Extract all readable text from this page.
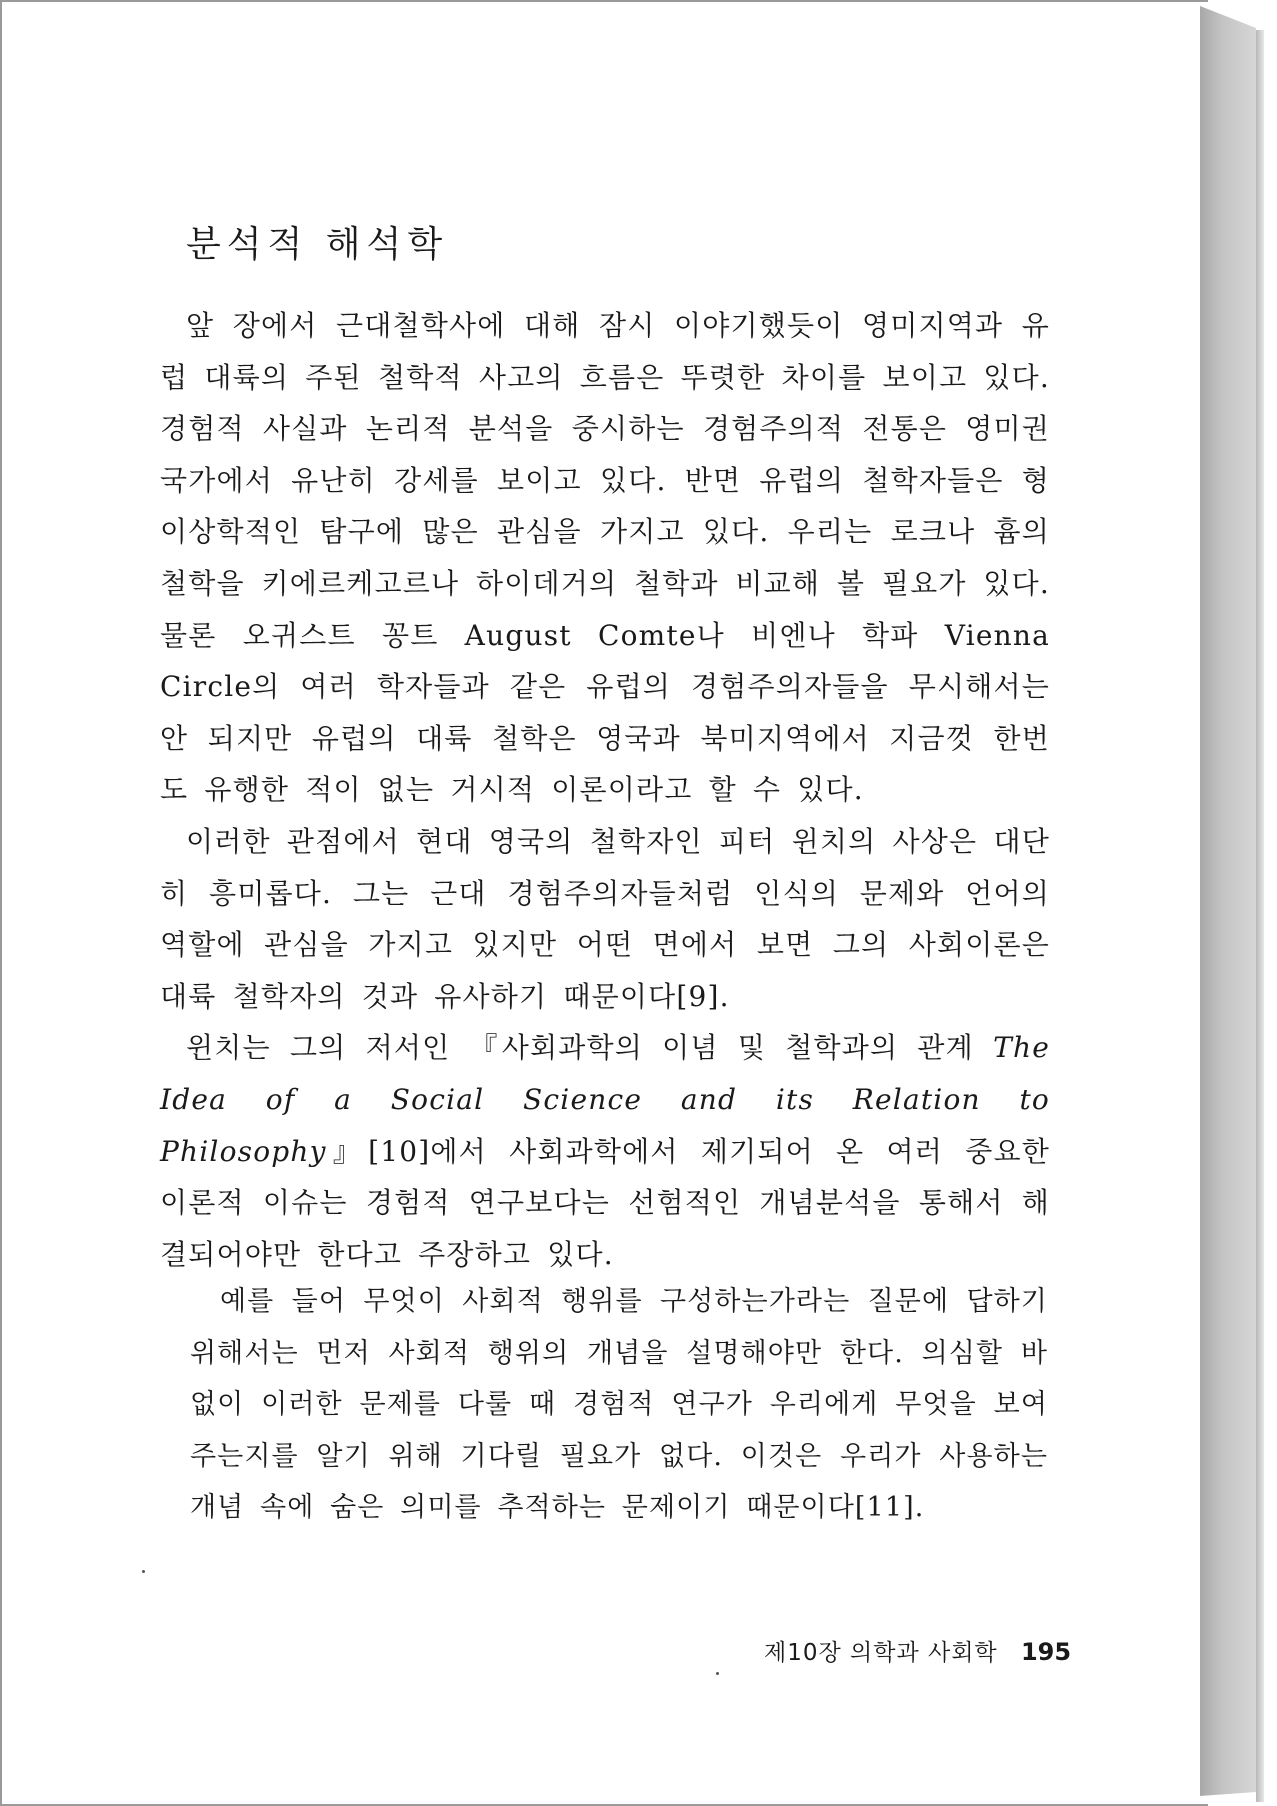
분석적 해석학

앞 장에서 근대철학사에 대해 잠시 이야기했듯이 영미지역과 유럽 대륙의 주된 철학적 사고의 흐름은 뚜렷한 차이를 보이고 있다. 경험적 사실과 논리적 분석을 중시하는 경험주의적 전통은 영미권 국가에서 유난히 강세를 보이고 있다. 반면 유럽의 철학자들은 형이상학적인 탐구에 많은 관심을 가지고 있다. 우리는 로크나 흄의 철학을 키에르케고르나 하이데거의 철학과 비교해 볼 필요가 있다. 물론 오귀스트 꽁트 August Comte나 비엔나 학파 Vienna Circle의 여러 학자들과 같은 유럽의 경험주의자들을 무시해서는 안 되지만 유럽의 대륙 철학은 영국과 북미지역에서 지금껏 한번도 유행한 적이 없는 거시적 이론이라고 할 수 있다.

이러한 관점에서 현대 영국의 철학자인 피터 윈치의 사상은 대단히 흥미롭다. 그는 근대 경험주의자들처럼 인식의 문제와 언어의 역할에 관심을 가지고 있지만 어떤 면에서 보면 그의 사회이론은 대륙 철학자의 것과 유사하기 때문이다[9].

윈치는 그의 저서인 『사회과학의 이념 및 철학과의 관계 The Idea of a Social Science and its Relation to Philosophy』[10]에서 사회과학에서 제기되어 온 여러 중요한 이론적 이슈는 경험적 연구보다는 선험적인 개념분석을 통해서 해결되어야만 한다고 주장하고 있다.

예를 들어 무엇이 사회적 행위를 구성하는가라는 질문에 답하기 위해서는 먼저 사회적 행위의 개념을 설명해야만 한다. 의심할 바 없이 이러한 문제를 다룰 때 경험적 연구가 우리에게 무엇을 보여주는지를 알기 위해 기다릴 필요가 없다. 이것은 우리가 사용하는 개념 속에 숨은 의미를 추적하는 문제이기 때문이다[11].

제10장 의학과 사회학 195
